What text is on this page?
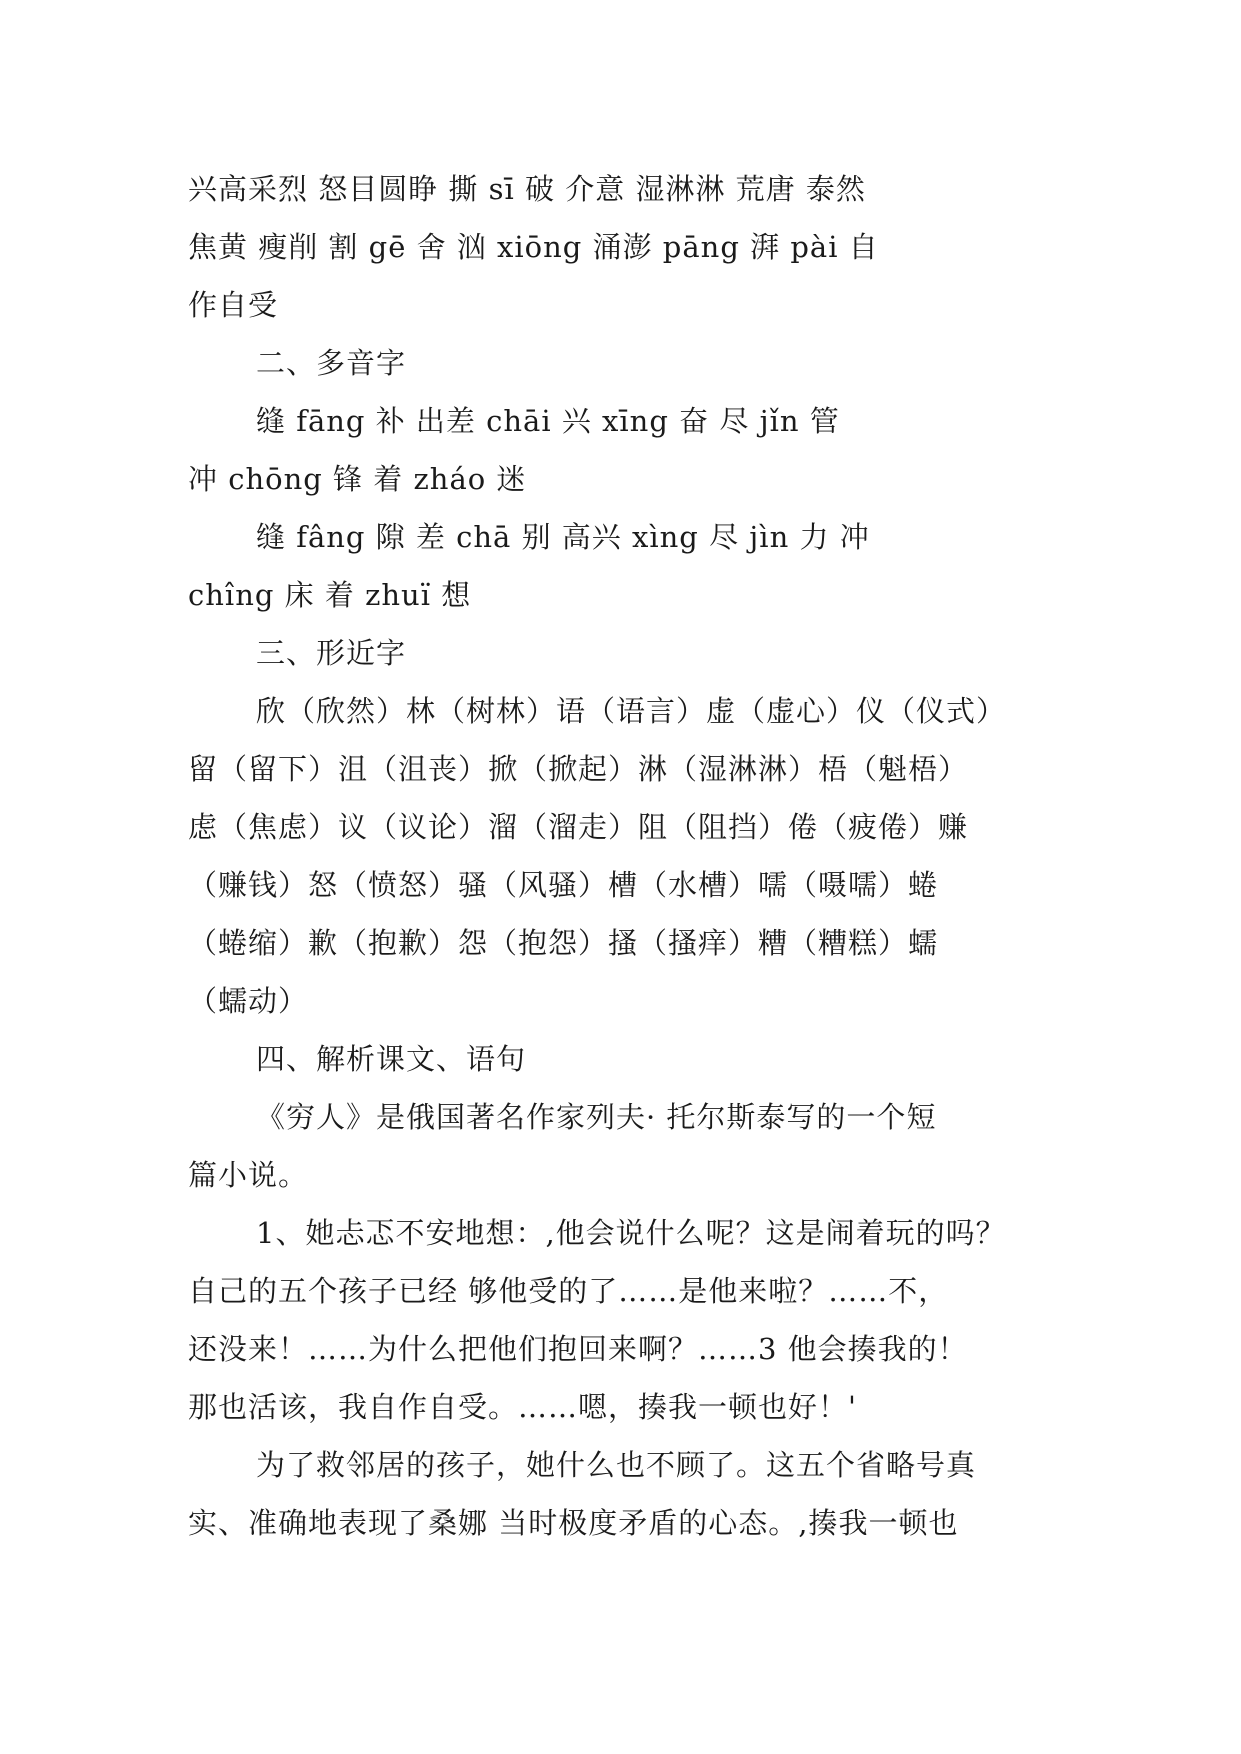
兴高采烈 怒目圆睁 撕 sī 破 介意 湿淋淋 荒唐 泰然
焦黄 瘦削 割 gē 舍 汹 xiōng 涌澎 pāng 湃 pài 自
作自受

二、多音字

缝 fāng 补 出差 chāi 兴 xīng 奋 尽 jǐn 管
冲 chōng 锋 着 zháo 迷

缝 fâng 隙 差 chā 别 高兴 xìng 尽 jìn 力 冲
chîng 床 着 zhuï 想

三、形近字

欣（欣然）林（树林）语（语言）虚（虚心）仪（仪式）
留（留下）沮（沮丧）掀（掀起）淋（湿淋淋）梧（魁梧）
虑（焦虑）议（议论）溜（溜走）阻（阻挡）倦（疲倦）赚
（赚钱）怒（愤怒）骚（风骚）槽（水槽）嚅（嗫嚅）蜷
（蜷缩）歉（抱歉）怨（抱怨）搔（搔痒）糟（糟糕）蠕
（蠕动）

四、解析课文、语句

《穷人》是俄国著名作家列夫· 托尔斯泰写的一个短
篇小说。

1、她忐忑不安地想：,他会说什么呢？这是闹着玩的吗？
自己的五个孩子已经 够他受的了……是他来啦？……不，
还没来！……为什么把他们抱回来啊？……3 他会揍我的！
那也活该，我自作自受。……嗯，揍我一顿也好！'

为了救邻居的孩子，她什么也不顾了。这五个省略号真
实、准确地表现了桑娜 当时极度矛盾的心态。,揍我一顿也
